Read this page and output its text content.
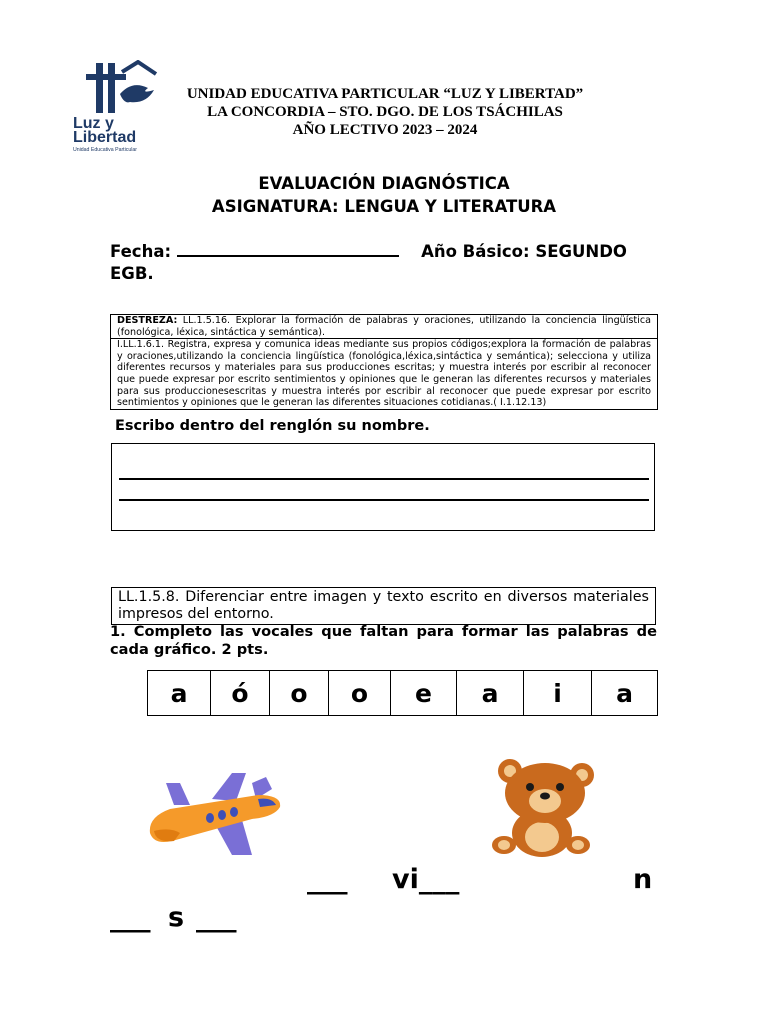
Luz y
Libertad
Unidad Educativa Particular
UNIDAD EDUCATIVA PARTICULAR “LUZ Y LIBERTAD”
LA CONCORDIA – STO. DGO. DE LOS TSÁCHILAS
AÑO LECTIVO 2023 – 2024
EVALUACIÓN DIAGNÓSTICA
ASIGNATURA: LENGUA Y LITERATURA
Fecha:	Año Básico: SEGUNDO
EGB.
DESTREZA: LL.1.5.16. Explorar la formación de palabras y oraciones, utilizando la conciencia lingüística (fonológica, léxica, sintáctica y semántica).
I.LL.1.6.1. Registra, expresa y comunica ideas mediante sus propios códigos;explora la formación de palabras y oraciones,utilizando la conciencia lingüística (fonológica,léxica,sintáctica y semántica); selecciona y utiliza diferentes recursos y materiales para sus producciones escritas; y muestra interés por escribir al reconocer que puede expresar por escrito sentimientos y opiniones que le generan las diferentes recursos y materiales para sus produccionesescritas y muestra interés por escribir al reconocer que puede expresar por escrito sentimientos y opiniones que le generan las diferentes situaciones cotidianas.( I.1.12.13)
Escribo dentro del renglón su nombre.
LL.1.5.8. Diferenciar entre imagen y texto escrito en diversos materiales impresos del entorno.
1. Completo las vocales que faltan para formar las palabras de cada gráfico. 2 pts.
a	ó	o	o	e	a	i	a
___ vi___	n
___ s ___
